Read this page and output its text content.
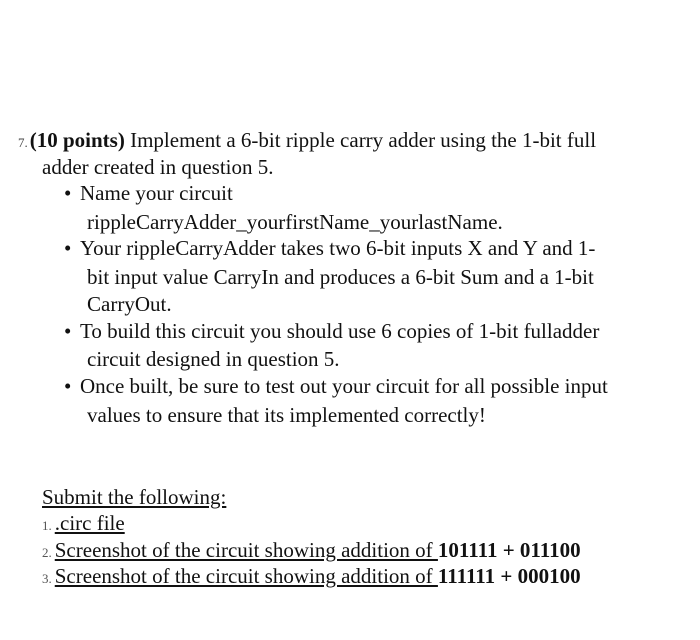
7.(10 points) Implement a 6-bit ripple carry adder using the 1-bit full
adder created in question 5.
• Name your circuit
rippleCarryAdder_yourfirstName_yourlastName.
• Your rippleCarryAdder takes two 6-bit inputs X and Y and 1-
bit input value CarryIn and produces a 6-bit Sum and a 1-bit
CarryOut.
• To build this circuit you should use 6 copies of 1-bit fulladder
circuit designed in question 5.
• Once built, be sure to test out your circuit for all possible input
values to ensure that its implemented correctly!
Submit the following:
1. .circ file
2. Screenshot of the circuit showing addition of 101111 + 011100
3. Screenshot of the circuit showing addition of 111111 + 000100
